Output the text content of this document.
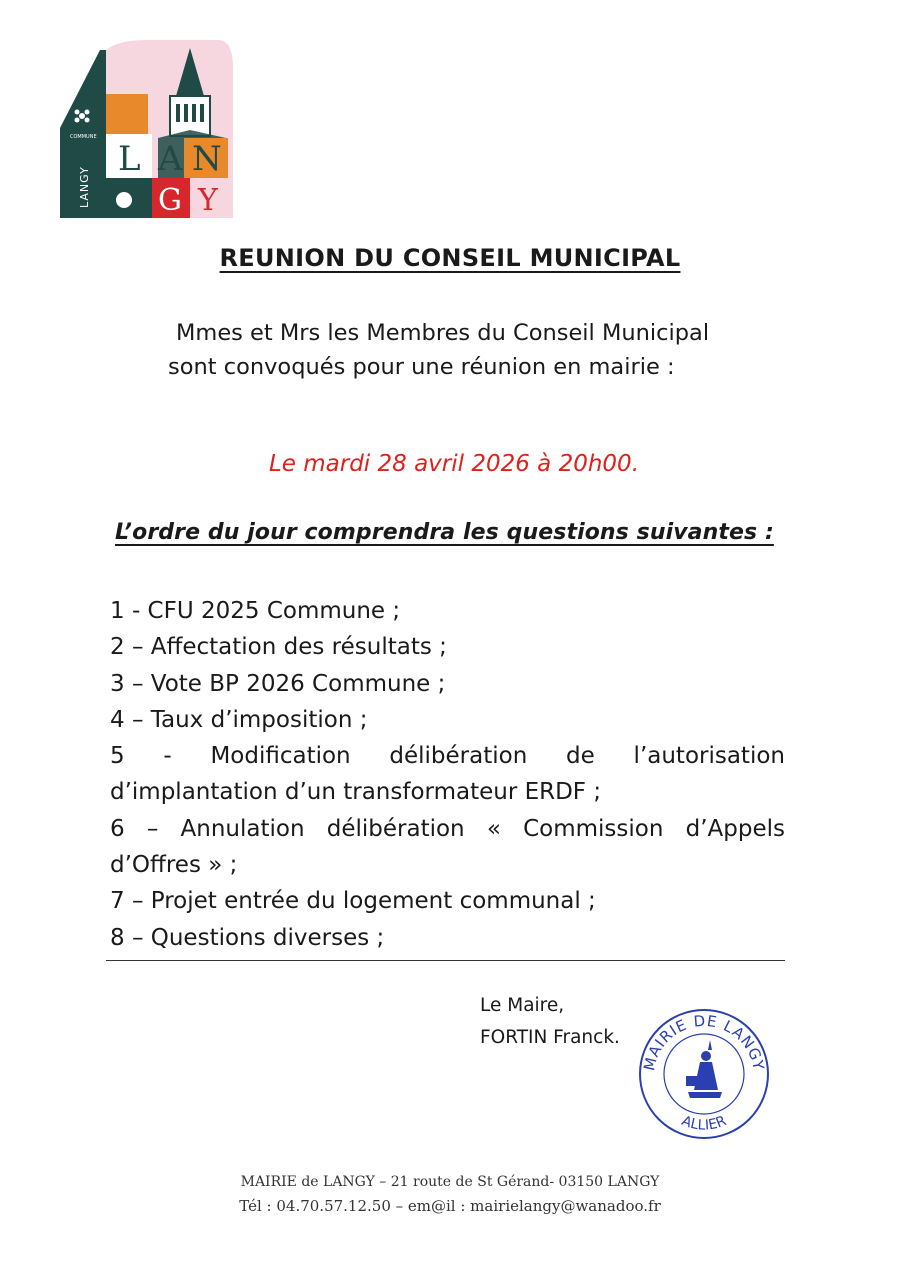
L A N
G Y
LANGY
COMMUNE
REUNION DU CONSEIL MUNICIPAL
Mmes et Mrs les Membres du Conseil Municipal
sont convoqués pour une réunion en mairie :
Le mardi 28 avril 2026 à 20h00.
L’ordre du jour comprendra les questions suivantes :
1 - CFU 2025 Commune ;
2 – Affectation des résultats ;
3 – Vote BP 2026 Commune ;
4 – Taux d’imposition ;
5 - Modification délibération de l’autorisation
d’implantation d’un transformateur ERDF ;
6 – Annulation délibération « Commission d’Appels
d’Offres » ;
7 – Projet entrée du logement communal ;
8 – Questions diverses ;
Le Maire,
FORTIN Franck.
MAIRIE DE LANGY
ALLIER
MAIRIE de LANGY – 21 route de St Gérand- 03150 LANGY
Tél : 04.70.57.12.50 – em@il : mairielangy@wanadoo.fr
